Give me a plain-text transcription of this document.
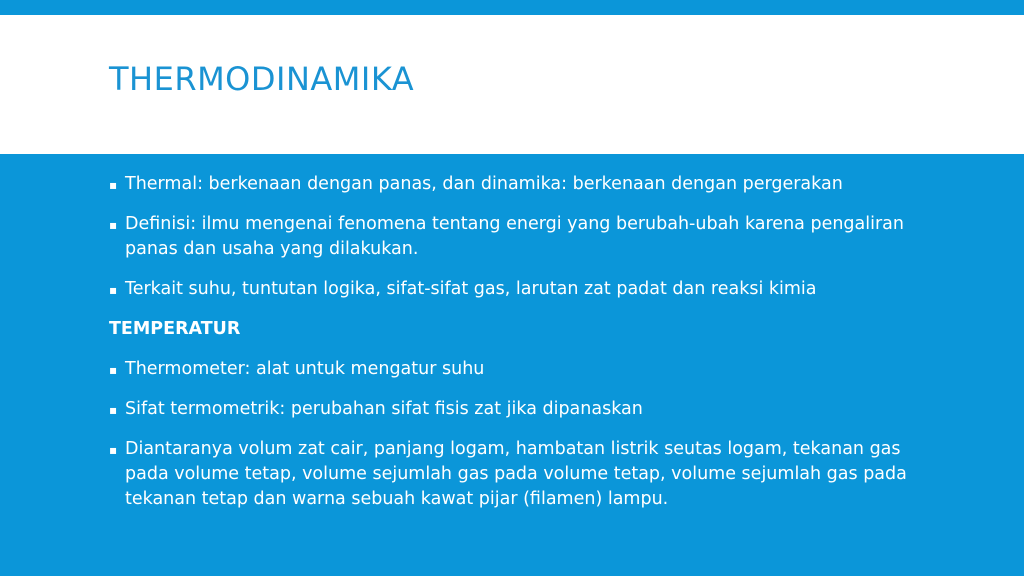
THERMODINAMIKA
▪ Thermal: berkenaan dengan panas, dan dinamika: berkenaan dengan pergerakan
▪ Definisi: ilmu mengenai fenomena tentang energi yang berubah-ubah karena pengaliran panas dan usaha yang dilakukan.
▪ Terkait suhu, tuntutan logika, sifat-sifat gas, larutan zat padat dan reaksi kimia
TEMPERATUR
▪ Thermometer: alat untuk mengatur suhu
▪ Sifat termometrik: perubahan sifat fisis zat jika dipanaskan
▪ Diantaranya volum zat cair, panjang logam, hambatan listrik seutas logam, tekanan gas pada volume tetap, volume sejumlah gas pada volume tetap, volume sejumlah gas pada tekanan tetap dan warna sebuah kawat pijar (filamen) lampu.
